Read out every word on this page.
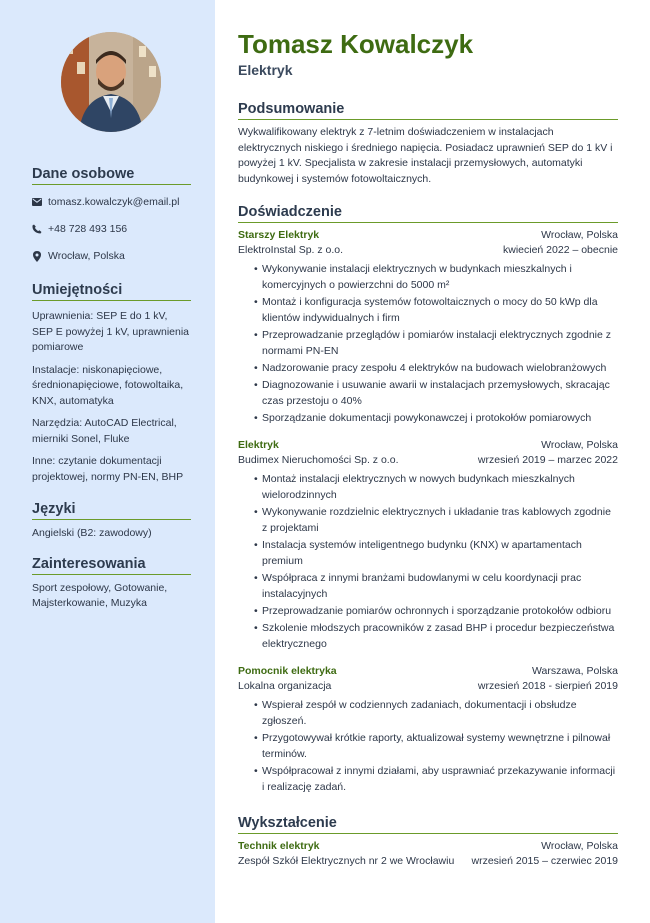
Dane osobowe
tomasz.kowalczyk@email.pl
+48 728 493 156
Wrocław, Polska
Umiejętności

Uprawnienia: SEP E do 1 kV, SEP E powyżej 1 kV, uprawnienia pomiarowe

Instalacje: niskonapięciowe, średnionapięciowe, fotowoltaika, KNX, automatyka

Narzędzia: AutoCAD Electrical, mierniki Sonel, Fluke

Inne: czytanie dokumentacji projektowej, normy PN-EN, BHP

Języki

Angielski (B2: zawodowy)

Zainteresowania

Sport zespołowy, Gotowanie, Majsterkowanie, Muzyka

Tomasz Kowalczyk
Elektryk
Podsumowanie

Wykwalifikowany elektryk z 7-letnim doświadczeniem w instalacjach elektrycznych niskiego i średniego napięcia. Posiadacz uprawnień SEP do 1 kV i powyżej 1 kV. Specjalista w zakresie instalacji przemysłowych, automatyki budynkowej i systemów fotowoltaicznych.

Doświadczenie
Starszy Elektryk	Wrocław, Polska
ElektroInstal Sp. z o.o.	kwiecień 2022 – obecnie
• Wykonywanie instalacji elektrycznych w budynkach mieszkalnych i komercyjnych o powierzchni do 5000 m²
• Montaż i konfiguracja systemów fotowoltaicznych o mocy do 50 kWp dla klientów indywidualnych i firm
• Przeprowadzanie przeglądów i pomiarów instalacji elektrycznych zgodnie z normami PN-EN
• Nadzorowanie pracy zespołu 4 elektryków na budowach wielobranżowych
• Diagnozowanie i usuwanie awarii w instalacjach przemysłowych, skracając czas przestoju o 40%
• Sporządzanie dokumentacji powykonawczej i protokołów pomiarowych
Elektryk	Wrocław, Polska
Budimex Nieruchomości Sp. z o.o.	wrzesień 2019 – marzec 2022
• Montaż instalacji elektrycznych w nowych budynkach mieszkalnych wielorodzinnych
• Wykonywanie rozdzielnic elektrycznych i układanie tras kablowych zgodnie z projektami
• Instalacja systemów inteligentnego budynku (KNX) w apartamentach premium
• Współpraca z innymi branżami budowlanymi w celu koordynacji prac instalacyjnych
• Przeprowadzanie pomiarów ochronnych i sporządzanie protokołów odbioru
• Szkolenie młodszych pracowników z zasad BHP i procedur bezpieczeństwa elektrycznego
Pomocnik elektryka	Warszawa, Polska
Lokalna organizacja	wrzesień 2018 - sierpień 2019
• Wspierał zespół w codziennych zadaniach, dokumentacji i obsłudze zgłoszeń.
• Przygotowywał krótkie raporty, aktualizował systemy wewnętrzne i pilnował terminów.
• Współpracował z innymi działami, aby usprawniać przekazywanie informacji i realizację zadań.
Wykształcenie
Technik elektryk	Wrocław, Polska
Zespół Szkół Elektrycznych nr 2 we Wrocławiu wrzesień 2015 – czerwiec 2019
